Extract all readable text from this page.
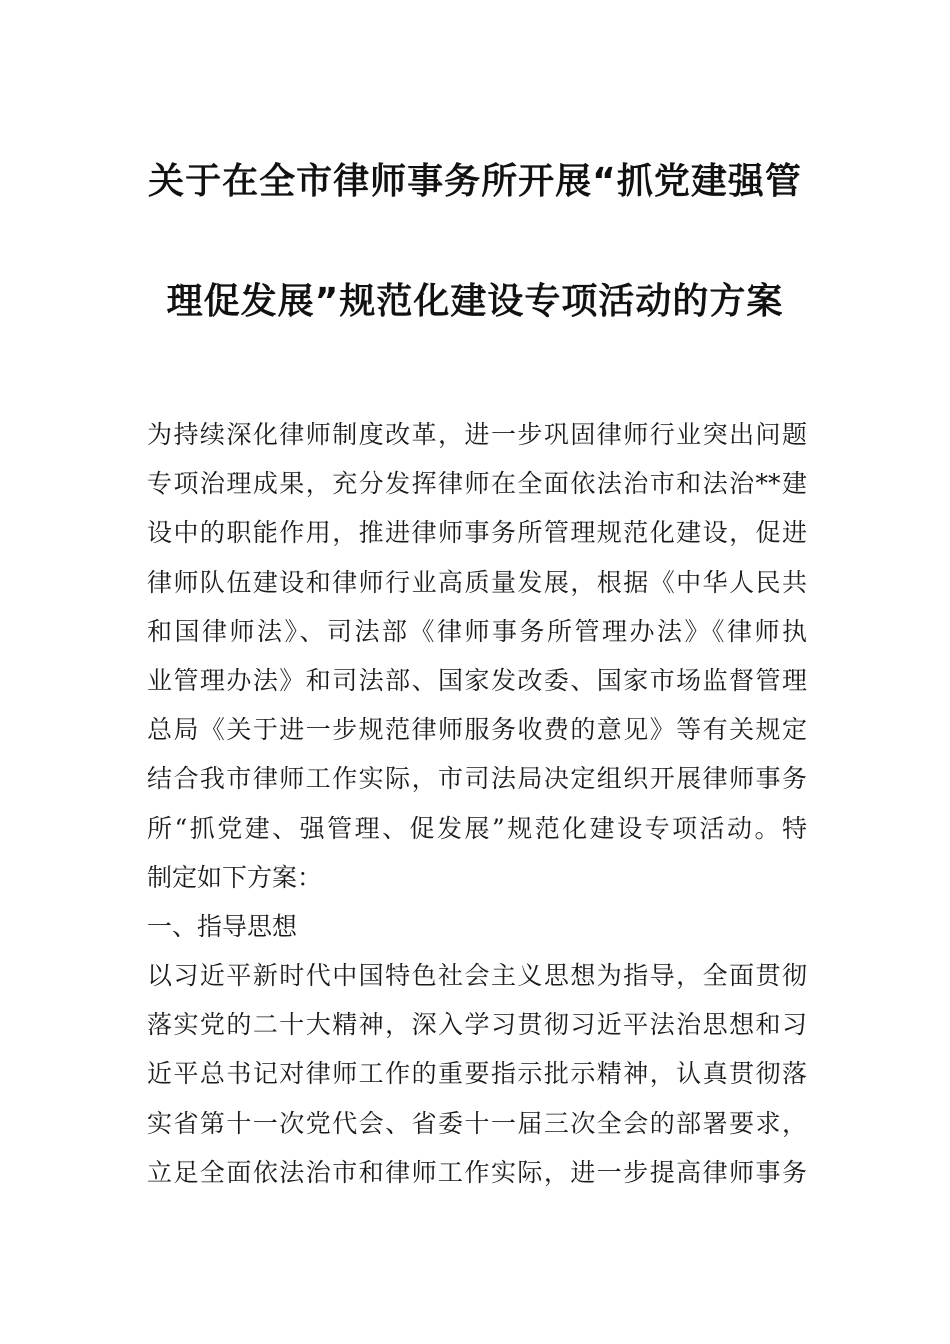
关于在全市律师事务所开展“抓党建强管
理促发展”规范化建设专项活动的方案
为持续深化律师制度改革，进一步巩固律师行业突出问题
专项治理成果，充分发挥律师在全面依法治市和法治**建
设中的职能作用，推进律师事务所管理规范化建设，促进
律师队伍建设和律师行业高质量发展，根据《中华人民共
和国律师法》、司法部《律师事务所管理办法》《律师执
业管理办法》和司法部、国家发改委、国家市场监督管理
总局《关于进一步规范律师服务收费的意见》等有关规定
结合我市律师工作实际，市司法局决定组织开展律师事务
所“抓党建、强管理、促发展”规范化建设专项活动。特
制定如下方案：
一、指导思想
以习近平新时代中国特色社会主义思想为指导，全面贯彻
落实党的二十大精神，深入学习贯彻习近平法治思想和习
近平总书记对律师工作的重要指示批示精神，认真贯彻落
实省第十一次党代会、省委十一届三次全会的部署要求，
立足全面依法治市和律师工作实际，进一步提高律师事务
